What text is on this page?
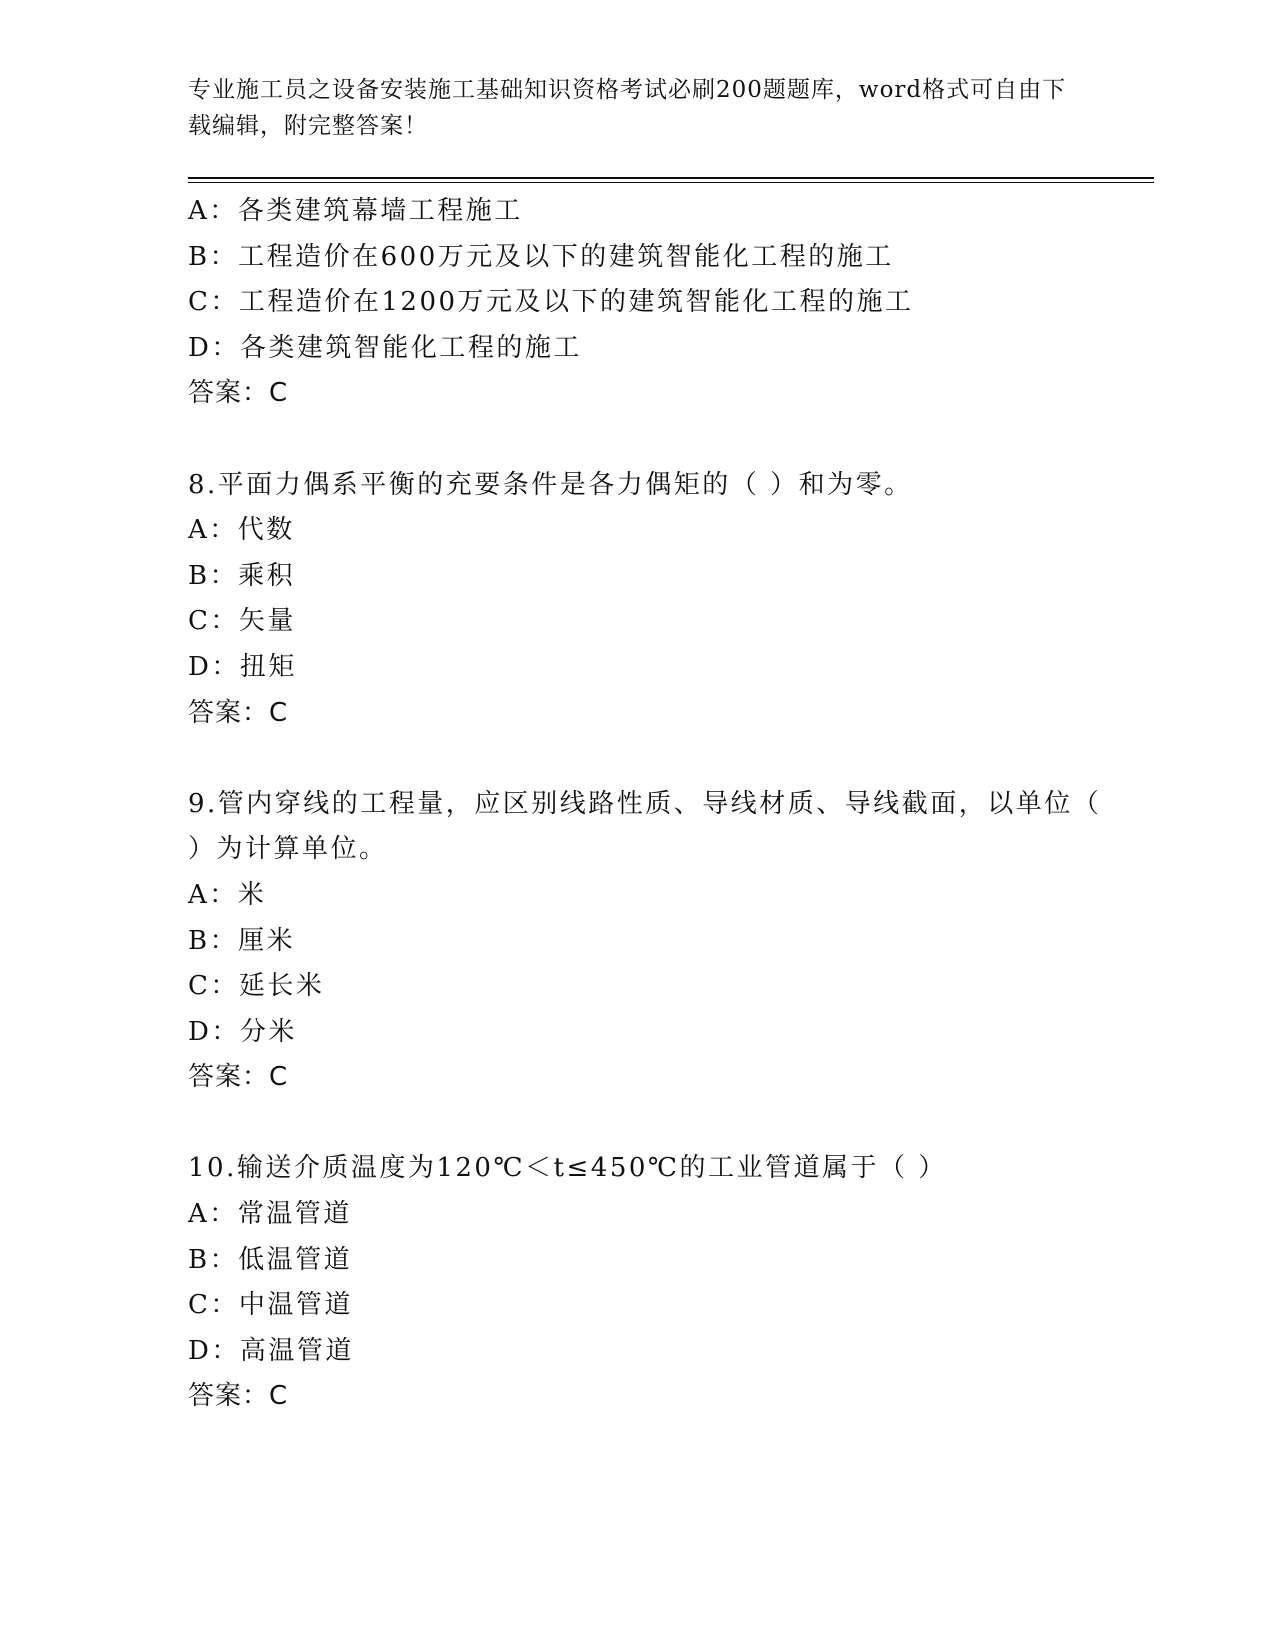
专业施工员之设备安装施工基础知识资格考试必刷200题题库，word格式可自由下载编辑，附完整答案！
A：各类建筑幕墙工程施工
B：工程造价在600万元及以下的建筑智能化工程的施工
C：工程造价在1200万元及以下的建筑智能化工程的施工
D：各类建筑智能化工程的施工
答案：C
8.平面力偶系平衡的充要条件是各力偶矩的（ ）和为零。
A：代数
B：乘积
C：矢量
D：扭矩
答案：C
9.管内穿线的工程量，应区别线路性质、导线材质、导线截面，以单位（ ）为计算单位。
A：米
B：厘米
C：延长米
D：分米
答案：C
10.输送介质温度为120℃＜t≤450℃的工业管道属于（ ）
A：常温管道
B：低温管道
C：中温管道
D：高温管道
答案：C
